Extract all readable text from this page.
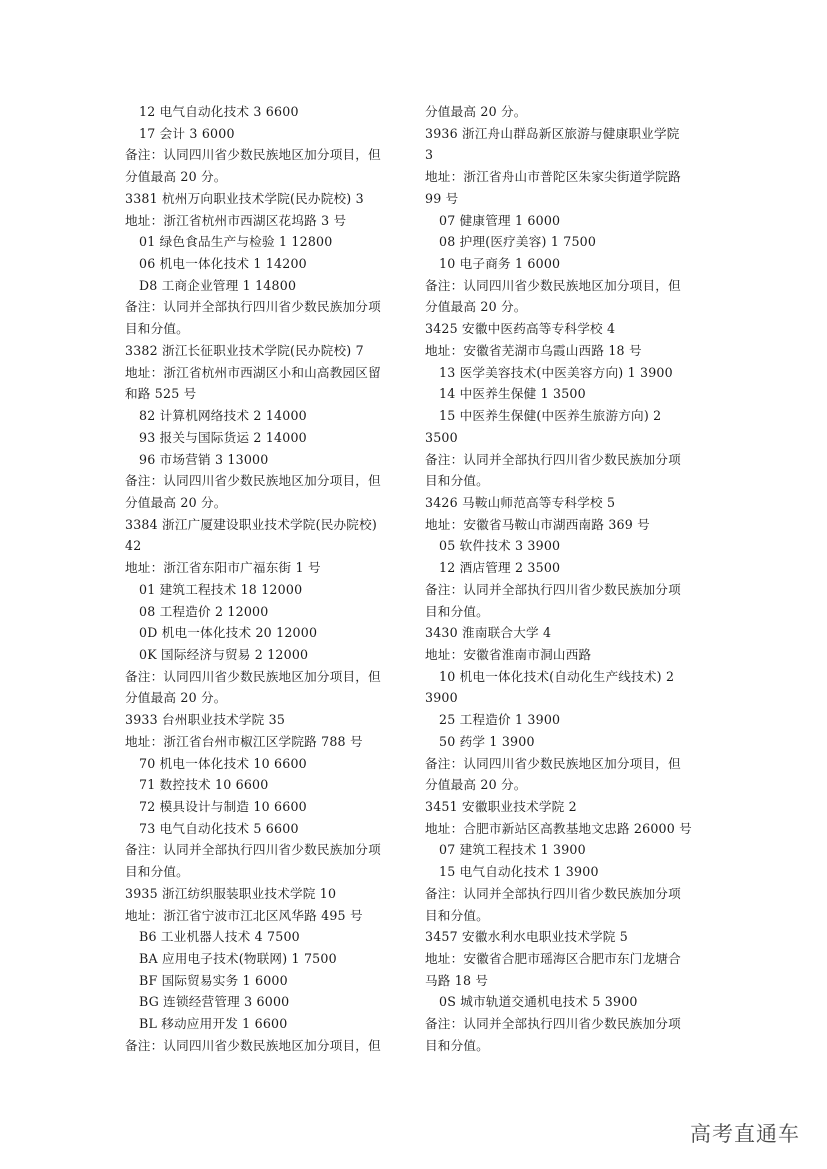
12 电气自动化技术 3 6600
17 会计 3 6000
备注：认同四川省少数民族地区加分项目，但
分值最高 20 分。
3381 杭州万向职业技术学院(民办院校) 3
地址：浙江省杭州市西湖区花坞路 3 号
01 绿色食品生产与检验 1 12800
06 机电一体化技术 1 14200
D8 工商企业管理 1 14800
备注：认同并全部执行四川省少数民族加分项
目和分值。
3382 浙江长征职业技术学院(民办院校) 7
地址：浙江省杭州市西湖区小和山高教园区留
和路 525 号
82 计算机网络技术 2 14000
93 报关与国际货运 2 14000
96 市场营销 3 13000
备注：认同四川省少数民族地区加分项目，但
分值最高 20 分。
3384 浙江广厦建设职业技术学院(民办院校)
42
地址：浙江省东阳市广福东街 1 号
01 建筑工程技术 18 12000
08 工程造价 2 12000
0D 机电一体化技术 20 12000
0K 国际经济与贸易 2 12000
备注：认同四川省少数民族地区加分项目，但
分值最高 20 分。
3933 台州职业技术学院 35
地址：浙江省台州市椒江区学院路 788 号
70 机电一体化技术 10 6600
71 数控技术 10 6600
72 模具设计与制造 10 6600
73 电气自动化技术 5 6600
备注：认同并全部执行四川省少数民族加分项
目和分值。
3935 浙江纺织服装职业技术学院 10
地址：浙江省宁波市江北区风华路 495 号
B6 工业机器人技术 4 7500
BA 应用电子技术(物联网) 1 7500
BF 国际贸易实务 1 6000
BG 连锁经营管理 3 6000
BL 移动应用开发 1 6600
备注：认同四川省少数民族地区加分项目，但
分值最高 20 分。
3936 浙江舟山群岛新区旅游与健康职业学院
3
地址：浙江省舟山市普陀区朱家尖街道学院路
99 号
07 健康管理 1 6000
08 护理(医疗美容) 1 7500
10 电子商务 1 6000
备注：认同四川省少数民族地区加分项目，但
分值最高 20 分。
3425 安徽中医药高等专科学校 4
地址：安徽省芜湖市乌霞山西路 18 号
13 医学美容技术(中医美容方向) 1 3900
14 中医养生保健 1 3500
15 中医养生保健(中医养生旅游方向) 2
3500
备注：认同并全部执行四川省少数民族加分项
目和分值。
3426 马鞍山师范高等专科学校 5
地址：安徽省马鞍山市湖西南路 369 号
05 软件技术 3 3900
12 酒店管理 2 3500
备注：认同并全部执行四川省少数民族加分项
目和分值。
3430 淮南联合大学 4
地址：安徽省淮南市洞山西路
10 机电一体化技术(自动化生产线技术) 2
3900
25 工程造价 1 3900
50 药学 1 3900
备注：认同四川省少数民族地区加分项目，但
分值最高 20 分。
3451 安徽职业技术学院 2
地址：合肥市新站区高教基地文忠路 26000 号
07 建筑工程技术 1 3900
15 电气自动化技术 1 3900
备注：认同并全部执行四川省少数民族加分项
目和分值。
3457 安徽水利水电职业技术学院 5
地址：安徽省合肥市瑶海区合肥市东门龙塘合
马路 18 号
0S 城市轨道交通机电技术 5 3900
备注：认同并全部执行四川省少数民族加分项
目和分值。
高考直通车
